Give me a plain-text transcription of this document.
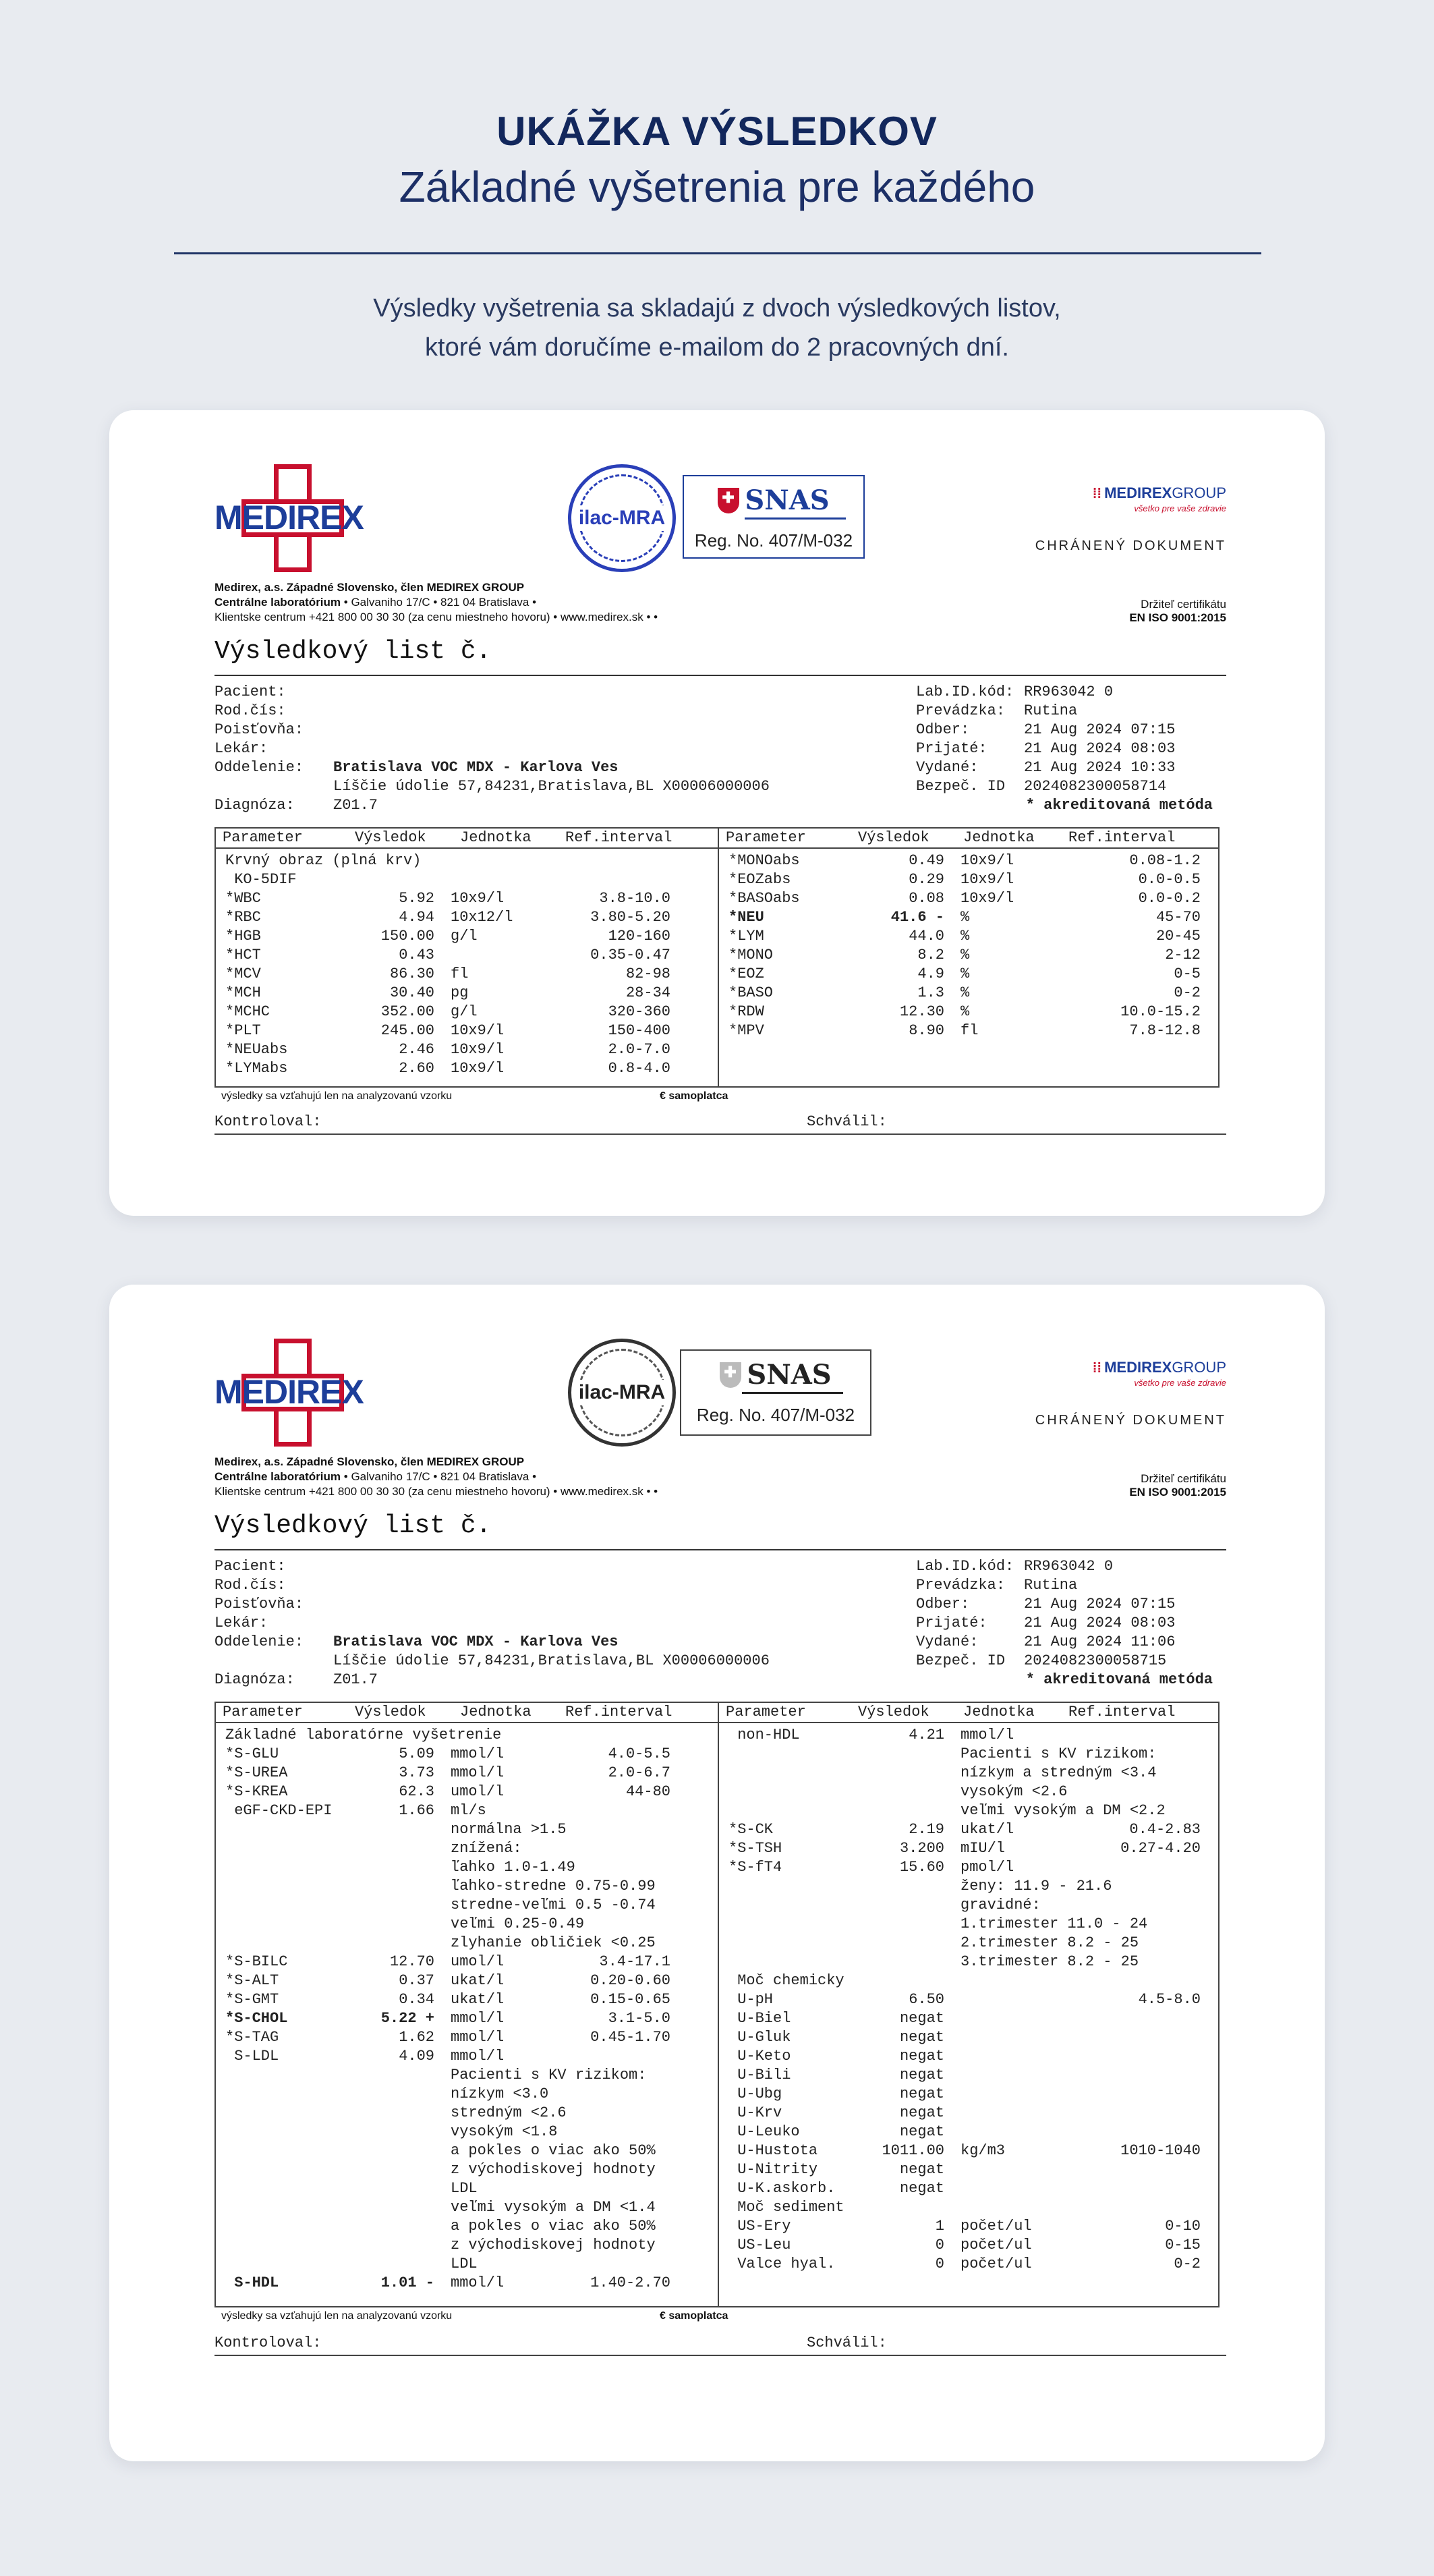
UKÁŽKA VÝSLEDKOV
Základné vyšetrenia pre každého
Výsledky vyšetrenia sa skladajú z dvoch výsledkových listov,
ktoré vám doručíme e-mailom do 2 pracovných dní.
MEDIREX	ilac-MRA
✚
SNAS
Reg. No. 407/M-032
⁞⁞ MEDIREXGROUP
všetko pre vaše zdravie
CHRÁNENÝ DOKUMENT
Medirex, a.s. Západné Slovensko, člen MEDIREX GROUP
Centrálne laboratórium • Galvaniho 17/C • 821 04 Bratislava •
Klientske centrum +421 800 00 30 30 (za cenu miestneho hovoru) • www.medirex.sk • •
Držiteľ certifikátu
EN ISO 9001:2015
Výsledkový list č.
Pacient:
Rod.čís:
Poisťovňa:
Lekár:
Oddelenie: Bratislava VOC MDX - Karlova Ves
Líščie údolie 57,84231,Bratislava,BL X00006000006
Diagnóza:	Z01.7
Lab.ID.kód: RR963042 0
Prevádzka: Rutina
Odber:	21 Aug 2024 07:15
Prijaté: 21 Aug 2024 08:03
Vydané:	21 Aug 2024 10:33
Bezpeč. ID 2024082300058714
* akreditovaná metóda
Parameter	Výsledok Jednotka Ref.interval
Krvný obraz (plná krv)
KO-5DIF
*WBC	5.92 10x9/l	3.8-10.0
*RBC	4.94 10x12/l	3.80-5.20
*HGB	150.00 g/l	120-160
*HCT	0.43	0.35-0.47
*MCV	86.30 fl	82-98
*MCH	30.40 pg	28-34
*MCHC	352.00 g/l	320-360
*PLT	245.00 10x9/l	150-400
*NEUabs	2.46 10x9/l	2.0-7.0
*LYMabs	2.60 10x9/l	0.8-4.0
Parameter	Výsledok Jednotka Ref.interval
*MONOabs	0.49 10x9/l	0.08-1.2
*EOZabs	0.29 10x9/l	0.0-0.5
*BASOabs	0.08 10x9/l	0.0-0.2
*NEU	41.6 - %	45-70
*LYM	44.0 %	20-45
*MONO	8.2 %	2-12
*EOZ	4.9 %	0-5
*BASO	1.3 %	0-2
*RDW	12.30 %	10.0-15.2
*MPV	8.90 fl	7.8-12.8
výsledky sa vzťahujú len na analyzovanú vzorku	€ samoplatca
Kontroloval:	Schválil:
MEDIREX	ilac-MRA
✚
SNAS
Reg. No. 407/M-032
⁞⁞ MEDIREXGROUP
všetko pre vaše zdravie
CHRÁNENÝ DOKUMENT
Medirex, a.s. Západné Slovensko, člen MEDIREX GROUP
Centrálne laboratórium • Galvaniho 17/C • 821 04 Bratislava •
Klientske centrum +421 800 00 30 30 (za cenu miestneho hovoru) • www.medirex.sk • •
Držiteľ certifikátu
EN ISO 9001:2015
Výsledkový list č.
Pacient:
Rod.čís:
Poisťovňa:
Lekár:
Oddelenie: Bratislava VOC MDX - Karlova Ves
Líščie údolie 57,84231,Bratislava,BL X00006000006
Diagnóza:	Z01.7
Lab.ID.kód: RR963042 0
Prevádzka: Rutina
Odber:	21 Aug 2024 07:15
Prijaté: 21 Aug 2024 08:03
Vydané:	21 Aug 2024 11:06
Bezpeč. ID 2024082300058715
* akreditovaná metóda
Parameter	Výsledok Jednotka Ref.interval
Základné laboratórne vyšetrenie
*S-GLU	5.09 mmol/l	4.0-5.5
*S-UREA	3.73 mmol/l	2.0-6.7
*S-KREA	62.3 umol/l	44-80
eGF-CKD-EPI	1.66 ml/s
normálna >1.5
znížená:
ľahko 1.0-1.49
ľahko-stredne 0.75-0.99
stredne-veľmi 0.5 -0.74
veľmi 0.25-0.49
zlyhanie obličiek <0.25
*S-BILC	12.70 umol/l	3.4-17.1
*S-ALT	0.37 ukat/l	0.20-0.60
*S-GMT	0.34 ukat/l	0.15-0.65
*S-CHOL	5.22 + mmol/l	3.1-5.0
*S-TAG	1.62 mmol/l	0.45-1.70
S-LDL	4.09 mmol/l
Pacienti s KV rizikom:
nízkym <3.0
stredným <2.6
vysokým <1.8
a pokles o viac ako 50%
z východiskovej hodnoty
LDL
veľmi vysokým a DM <1.4
a pokles o viac ako 50%
z východiskovej hodnoty
LDL
S-HDL	1.01 - mmol/l	1.40-2.70
Parameter	Výsledok Jednotka Ref.interval
non-HDL	4.21 mmol/l
Pacienti s KV rizikom:
nízkym a stredným <3.4
vysokým <2.6
veľmi vysokým a DM <2.2
*S-CK	2.19 ukat/l	0.4-2.83
*S-TSH	3.200 mIU/l	0.27-4.20
*S-fT4	15.60 pmol/l
ženy: 11.9 - 21.6
gravidné:
1.trimester 11.0 - 24
2.trimester 8.2 - 25
3.trimester 8.2 - 25
Moč chemicky
U-pH	6.50	4.5-8.0
U-Biel	negat
U-Gluk	negat
U-Keto	negat
U-Bili	negat
U-Ubg	negat
U-Krv	negat
U-Leuko	negat
U-Hustota	1011.00 kg/m3	1010-1040
U-Nitrity	negat
U-K.askorb.	negat
Moč sediment
US-Ery	1 počet/ul	0-10
US-Leu	0 počet/ul	0-15
Valce hyal.	0 počet/ul	0-2
výsledky sa vzťahujú len na analyzovanú vzorku	€ samoplatca
Kontroloval:	Schválil:
